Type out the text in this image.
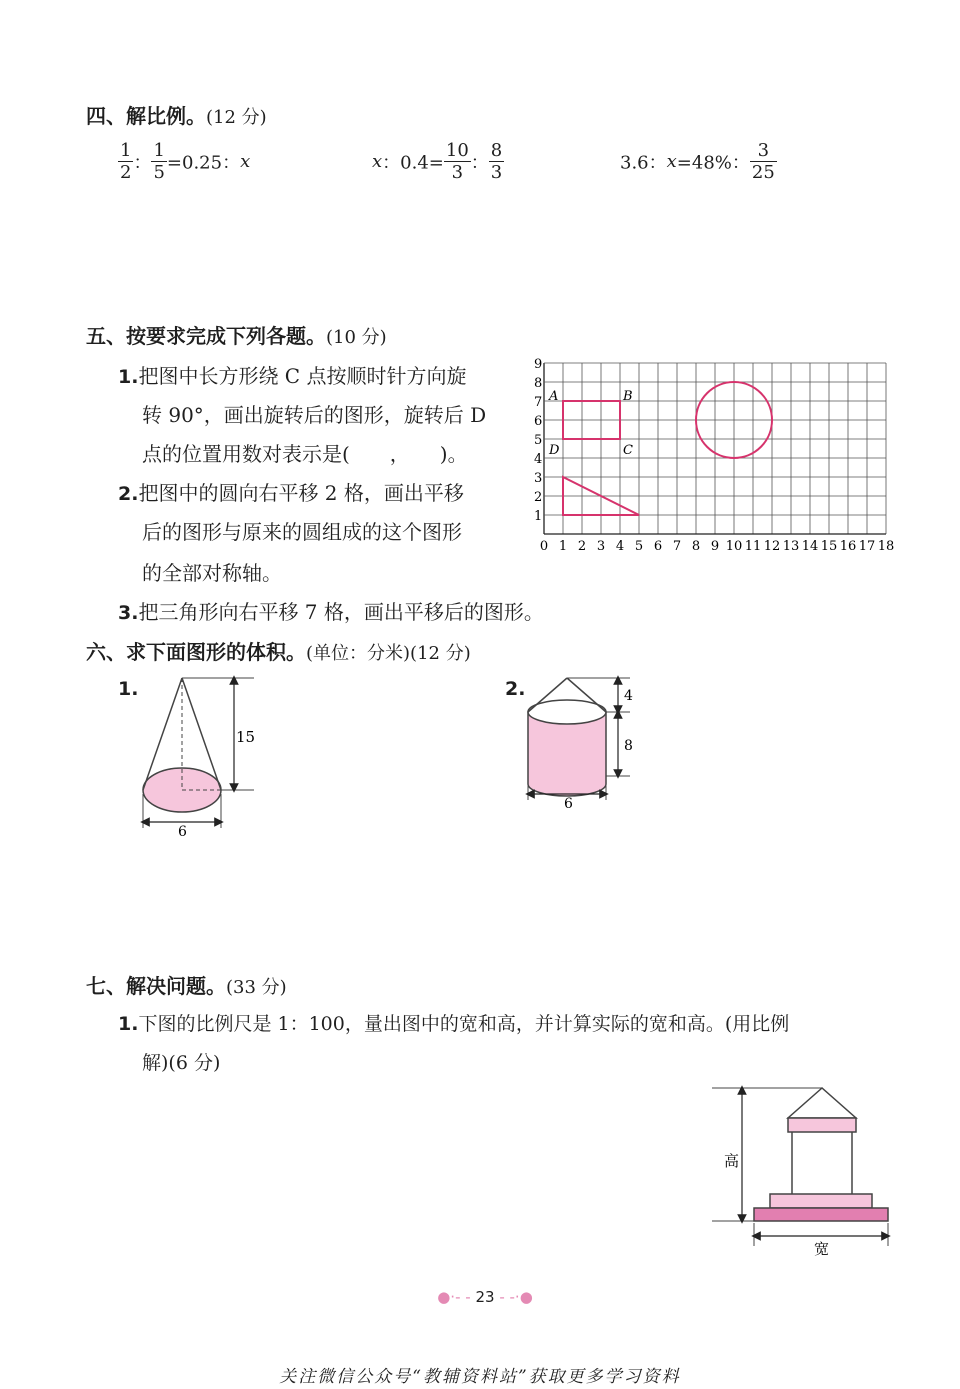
四、解比例。(12 分)
$\frac{1}{2}$ ： $\frac{1}{5} =0.25$：x	x：$0.4= \frac{10}{3}$ ： $\frac{8}{3}$	3.6：x=48%： $\frac{3}{25}$
五、按要求完成下列各题。(10 分)
1.把图中长方形绕 C 点按顺时针方向旋
转 90°，画出旋转后的图形，旋转后 D
点的位置用数对表示是(　　，　　)。
2.把图中的圆向右平移 2 格，画出平移
后的图形与原来的圆组成的这个图形
的全部对称轴。
3.把三角形向右平移 7 格，画出平移后的图形。
1
2
3
4
5
6
7
8
9
0 1 2 3 4 5 6 7 8 9 10 11 12 13 14 15 16 17 18
A	B
C
D
六、求下面图形的体积。(单位：分米)(12 分)
1.
15
6
2.	4
8
6
七、解决问题。(33 分)
1.下图的比例尺是 1：100，量出图中的宽和高，并计算实际的宽和高。(用比例
解)(6 分)
高
宽
●·- - 23 - -·●
关注微信公众号“教辅资料站”获取更多学习资料
